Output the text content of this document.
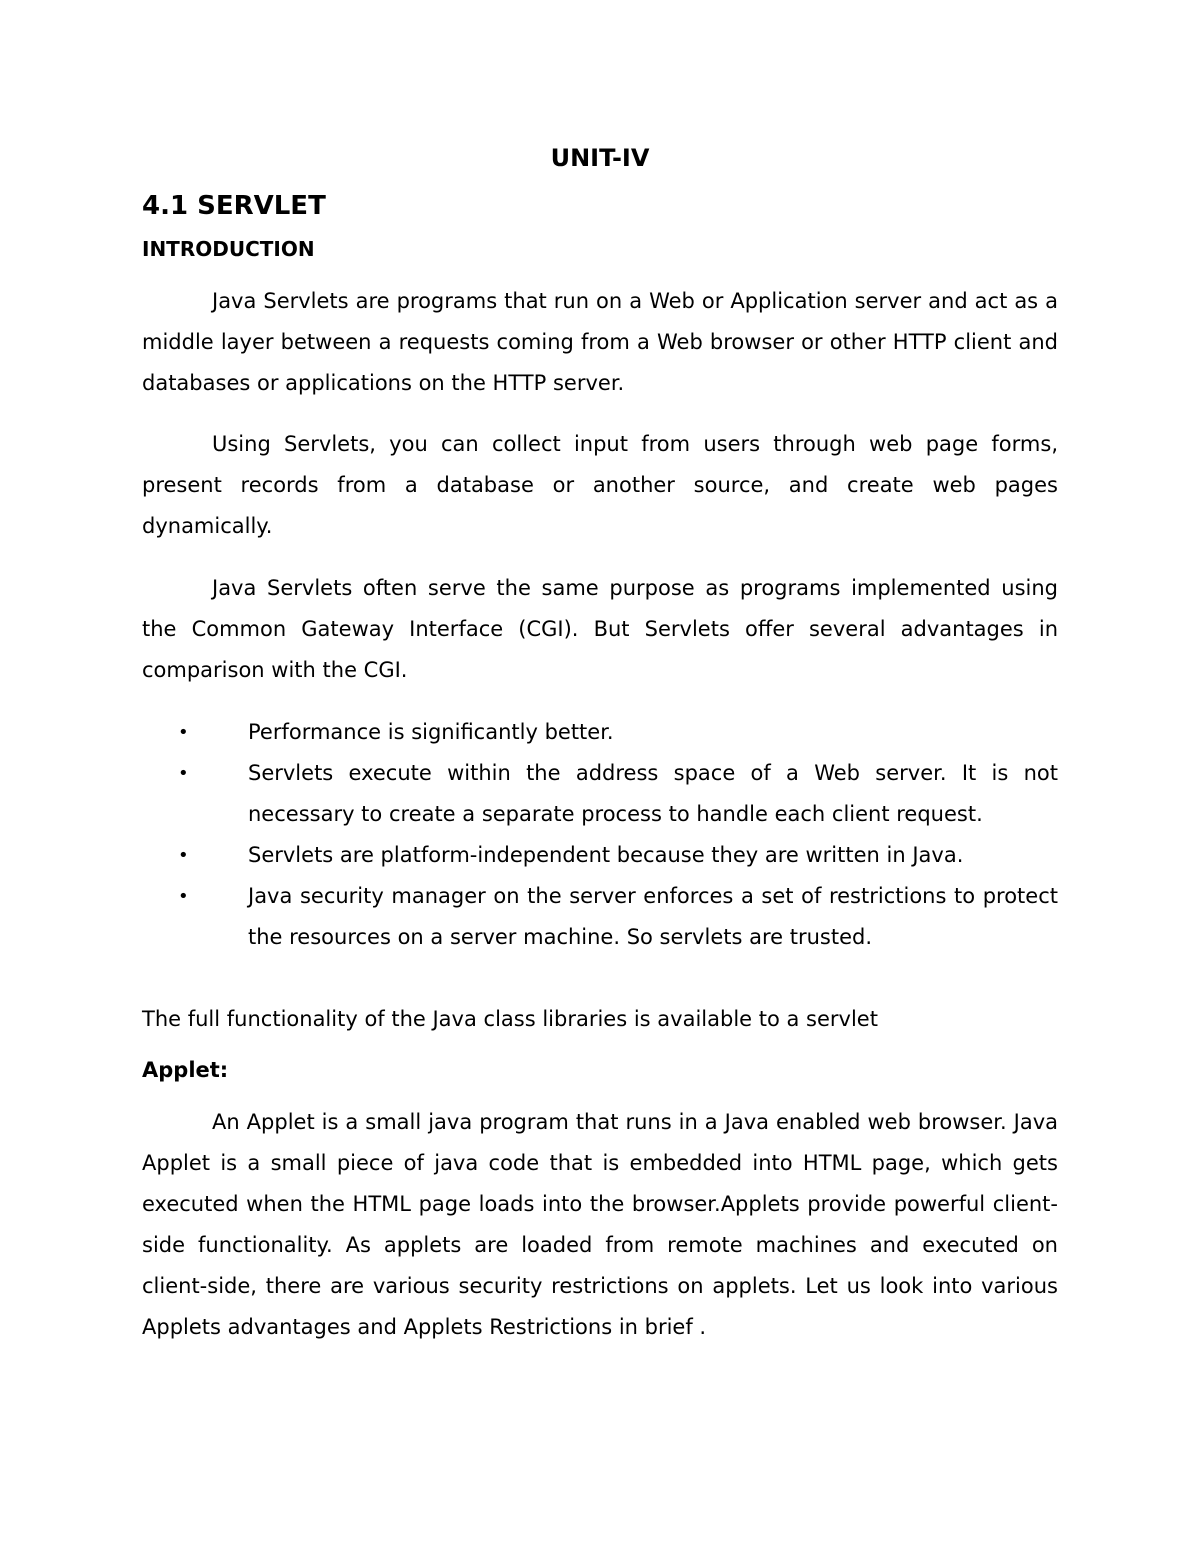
UNIT-IV
4.1 SERVLET
INTRODUCTION

Java Servlets are programs that run on a Web or Application server and act as a middle layer between a requests coming from a Web browser or other HTTP client and databases or applications on the HTTP server.

Using Servlets, you can collect input from users through web page forms, present records from a database or another source, and create web pages dynamically.

Java Servlets often serve the same purpose as programs implemented using the Common Gateway Interface (CGI). But Servlets offer several advantages in comparison with the CGI.

•	Performance is significantly better.
•	Servlets execute within the address space of a Web server. It is not necessary to create a separate process to handle each client request.
•	Servlets are platform-independent because they are written in Java.
•	Java security manager on the server enforces a set of restrictions to protect the resources on a server machine. So servlets are trusted.

The full functionality of the Java class libraries is available to a servlet

Applet:

An Applet is a small java program that runs in a Java enabled web browser. Java Applet is a small piece of java code that is embedded into HTML page, which gets executed when the HTML page loads into the browser.Applets provide powerful client-side functionality. As applets are loaded from remote machines and executed on client-side, there are various security restrictions on applets. Let us look into various Applets advantages and Applets Restrictions in brief .
